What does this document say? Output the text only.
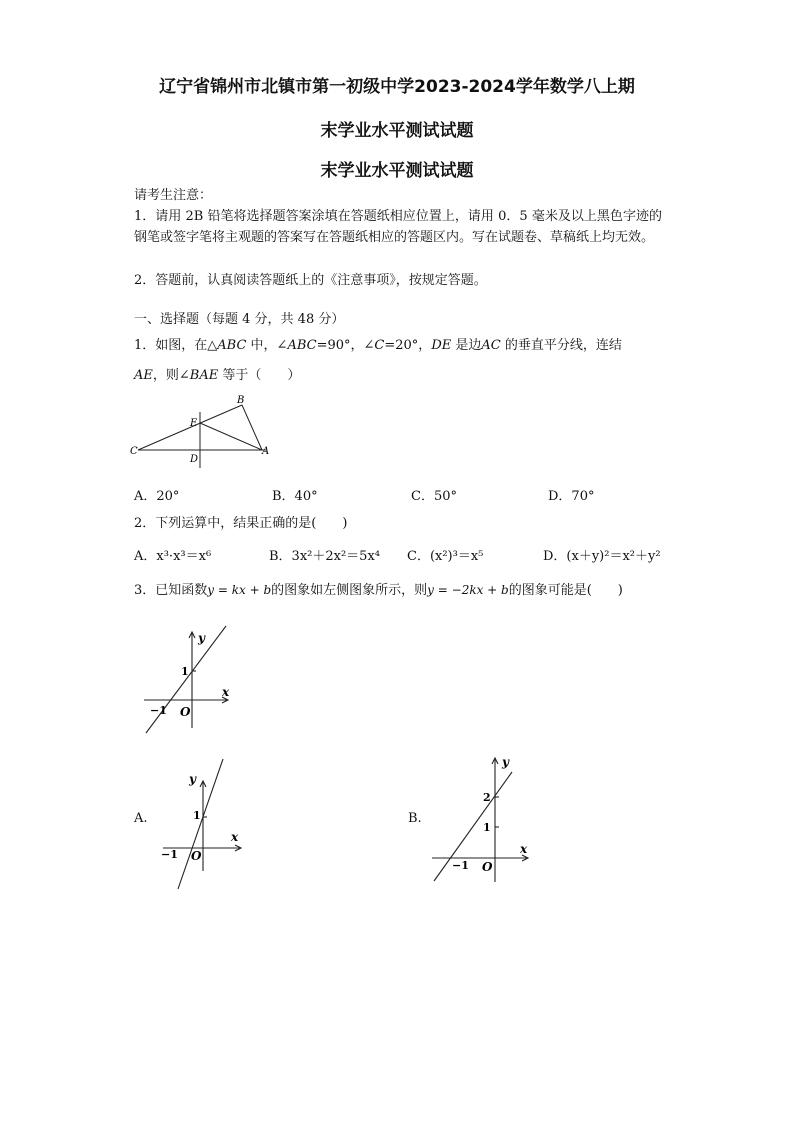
辽宁省锦州市北镇市第一初级中学2023-2024学年数学八上期
末学业水平测试试题
末学业水平测试试题
请考生注意：
1．请用 2B 铅笔将选择题答案涂填在答题纸相应位置上，请用 0．5 毫米及以上黑色字迹的钢笔或签字笔将主观题的答案写在答题纸相应的答题区内。写在试题卷、草稿纸上均无效。
2．答题前，认真阅读答题纸上的《注意事项》，按规定答题。
一、选择题（每题 4 分，共 48 分）
1．如图，在△ABC 中，∠ABC=90°，∠C=20°，DE 是边AC 的垂直平分线，连结
AE，则∠BAE 等于（　　）
B
E
C
D
A
A．20°	B．40°	C．50°	D．70°
2．下列运算中，结果正确的是(　　)
A．x³·x³＝x⁶	B．3x²＋2x²＝5x⁴ C．(x²)³＝x⁵	D．(x＋y)²＝x²＋y²
3．已知函数y = kx + b的图象如左侧图象所示，则y = −2kx + b的图象可能是(　　)
y
x
1
−1 O
A.
y
x
1
−1 O
B.
y
x
2
1
−1 O
